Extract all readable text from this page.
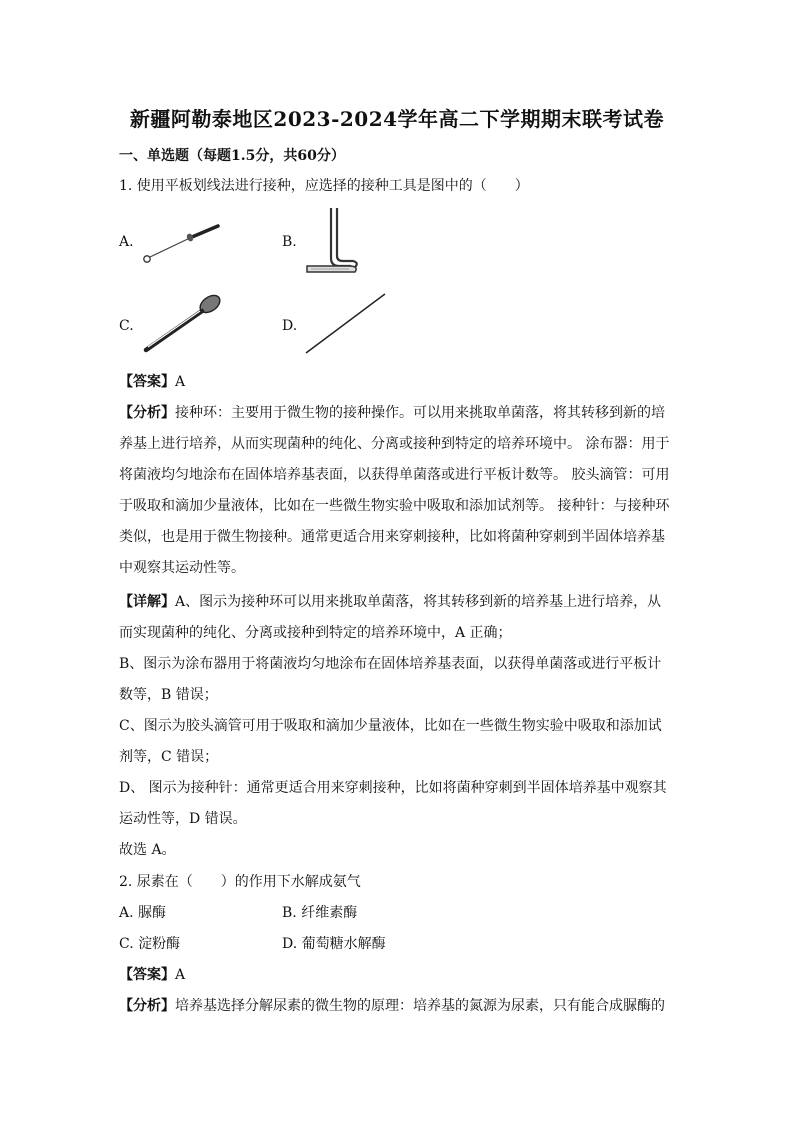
新疆阿勒泰地区2023-2024学年高二下学期期末联考试卷
一、单选题（每题1.5分，共60分）
1. 使用平板划线法进行接种，应选择的接种工具是图中的（　　）
A.	B.
C.	D.
【答案】A
【分析】接种环：主要用于微生物的接种操作。可以用来挑取单菌落，将其转移到新的培
养基上进行培养，从而实现菌种的纯化、分离或接种到特定的培养环境中。 涂布器：用于
将菌液均匀地涂布在固体培养基表面，以获得单菌落或进行平板计数等。 胶头滴管：可用
于吸取和滴加少量液体，比如在一些微生物实验中吸取和添加试剂等。 接种针：与接种环
类似，也是用于微生物接种。通常更适合用来穿刺接种，比如将菌种穿刺到半固体培养基
中观察其运动性等。
【详解】A、图示为接种环可以用来挑取单菌落，将其转移到新的培养基上进行培养，从
而实现菌种的纯化、分离或接种到特定的培养环境中，A 正确；
B、图示为涂布器用于将菌液均匀地涂布在固体培养基表面，以获得单菌落或进行平板计
数等，B 错误；
C、图示为胶头滴管可用于吸取和滴加少量液体，比如在一些微生物实验中吸取和添加试
剂等，C 错误；
D、 图示为接种针：通常更适合用来穿刺接种，比如将菌种穿刺到半固体培养基中观察其
运动性等，D 错误。
故选 A。
2. 尿素在（　　）的作用下水解成氨气
A. 脲酶	B. 纤维素酶
C. 淀粉酶	D. 葡萄糖水解酶
【答案】A
【分析】培养基选择分解尿素的微生物的原理：培养基的氮源为尿素，只有能合成脲酶的
